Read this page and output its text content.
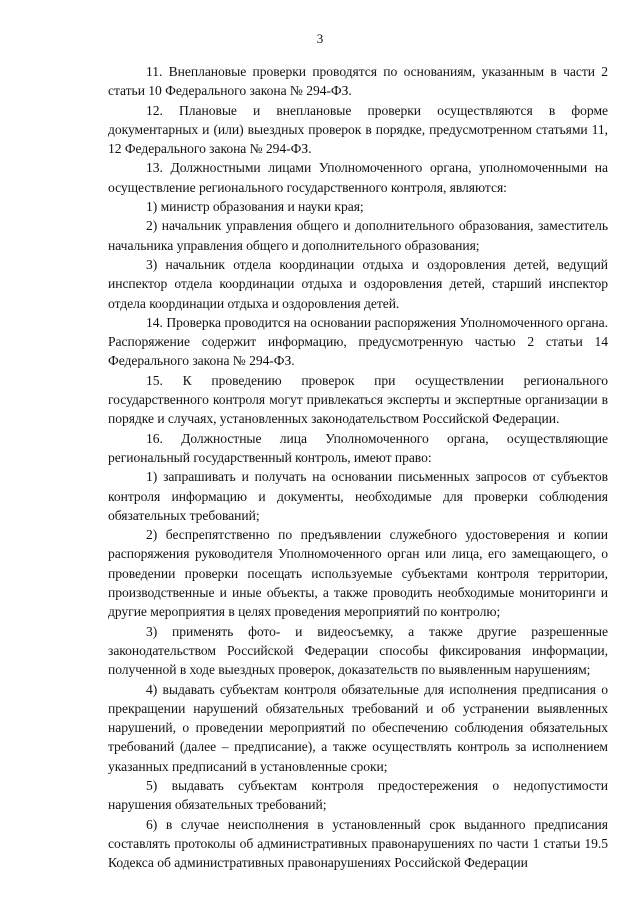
3

11. Внеплановые проверки проводятся по основаниям, указанным в части 2 статьи 10 Федерального закона № 294-ФЗ.

12. Плановые и внеплановые проверки осуществляются в форме документарных и (или) выездных проверок в порядке, предусмотренном статьями 11, 12 Федерального закона № 294-ФЗ.

13. Должностными лицами Уполномоченного органа, уполномоченными на осуществление регионального государственного контроля, являются:

1) министр образования и науки края;

2) начальник управления общего и дополнительного образования, заместитель начальника управления общего и дополнительного образования;

3) начальник отдела координации отдыха и оздоровления детей, ведущий инспектор отдела координации отдыха и оздоровления детей, старший инспектор отдела координации отдыха и оздоровления детей.

14. Проверка проводится на основании распоряжения Уполномоченного органа. Распоряжение содержит информацию, предусмотренную частью 2 статьи 14 Федерального закона № 294-ФЗ.

15. К проведению проверок при осуществлении регионального государственного контроля могут привлекаться эксперты и экспертные организации в порядке и случаях, установленных законодательством Российской Федерации.

16. Должностные лица Уполномоченного органа, осуществляющие региональный государственный контроль, имеют право:

1) запрашивать и получать на основании письменных запросов от субъектов контроля информацию и документы, необходимые для проверки соблюдения обязательных требований;

2) беспрепятственно по предъявлении служебного удостоверения и копии распоряжения руководителя Уполномоченного орган или лица, его замещающего, о проведении проверки посещать используемые субъектами контроля территории, производственные и иные объекты, а также проводить необходимые мониторинги и другие мероприятия в целях проведения мероприятий по контролю;

3) применять фото- и видеосъемку, а также другие разрешенные законодательством Российской Федерации способы фиксирования информации, полученной в ходе выездных проверок, доказательств по выявленным нарушениям;

4) выдавать субъектам контроля обязательные для исполнения предписания о прекращении нарушений обязательных требований и об устранении выявленных нарушений, о проведении мероприятий по обеспечению соблюдения обязательных требований (далее – предписание), а также осуществлять контроль за исполнением указанных предписаний в установленные сроки;

5) выдавать субъектам контроля предостережения о недопустимости нарушения обязательных требований;

6) в случае неисполнения в установленный срок выданного предписания составлять протоколы об административных правонарушениях по части 1 статьи 19.5 Кодекса об административных правонарушениях Российской Федерации
